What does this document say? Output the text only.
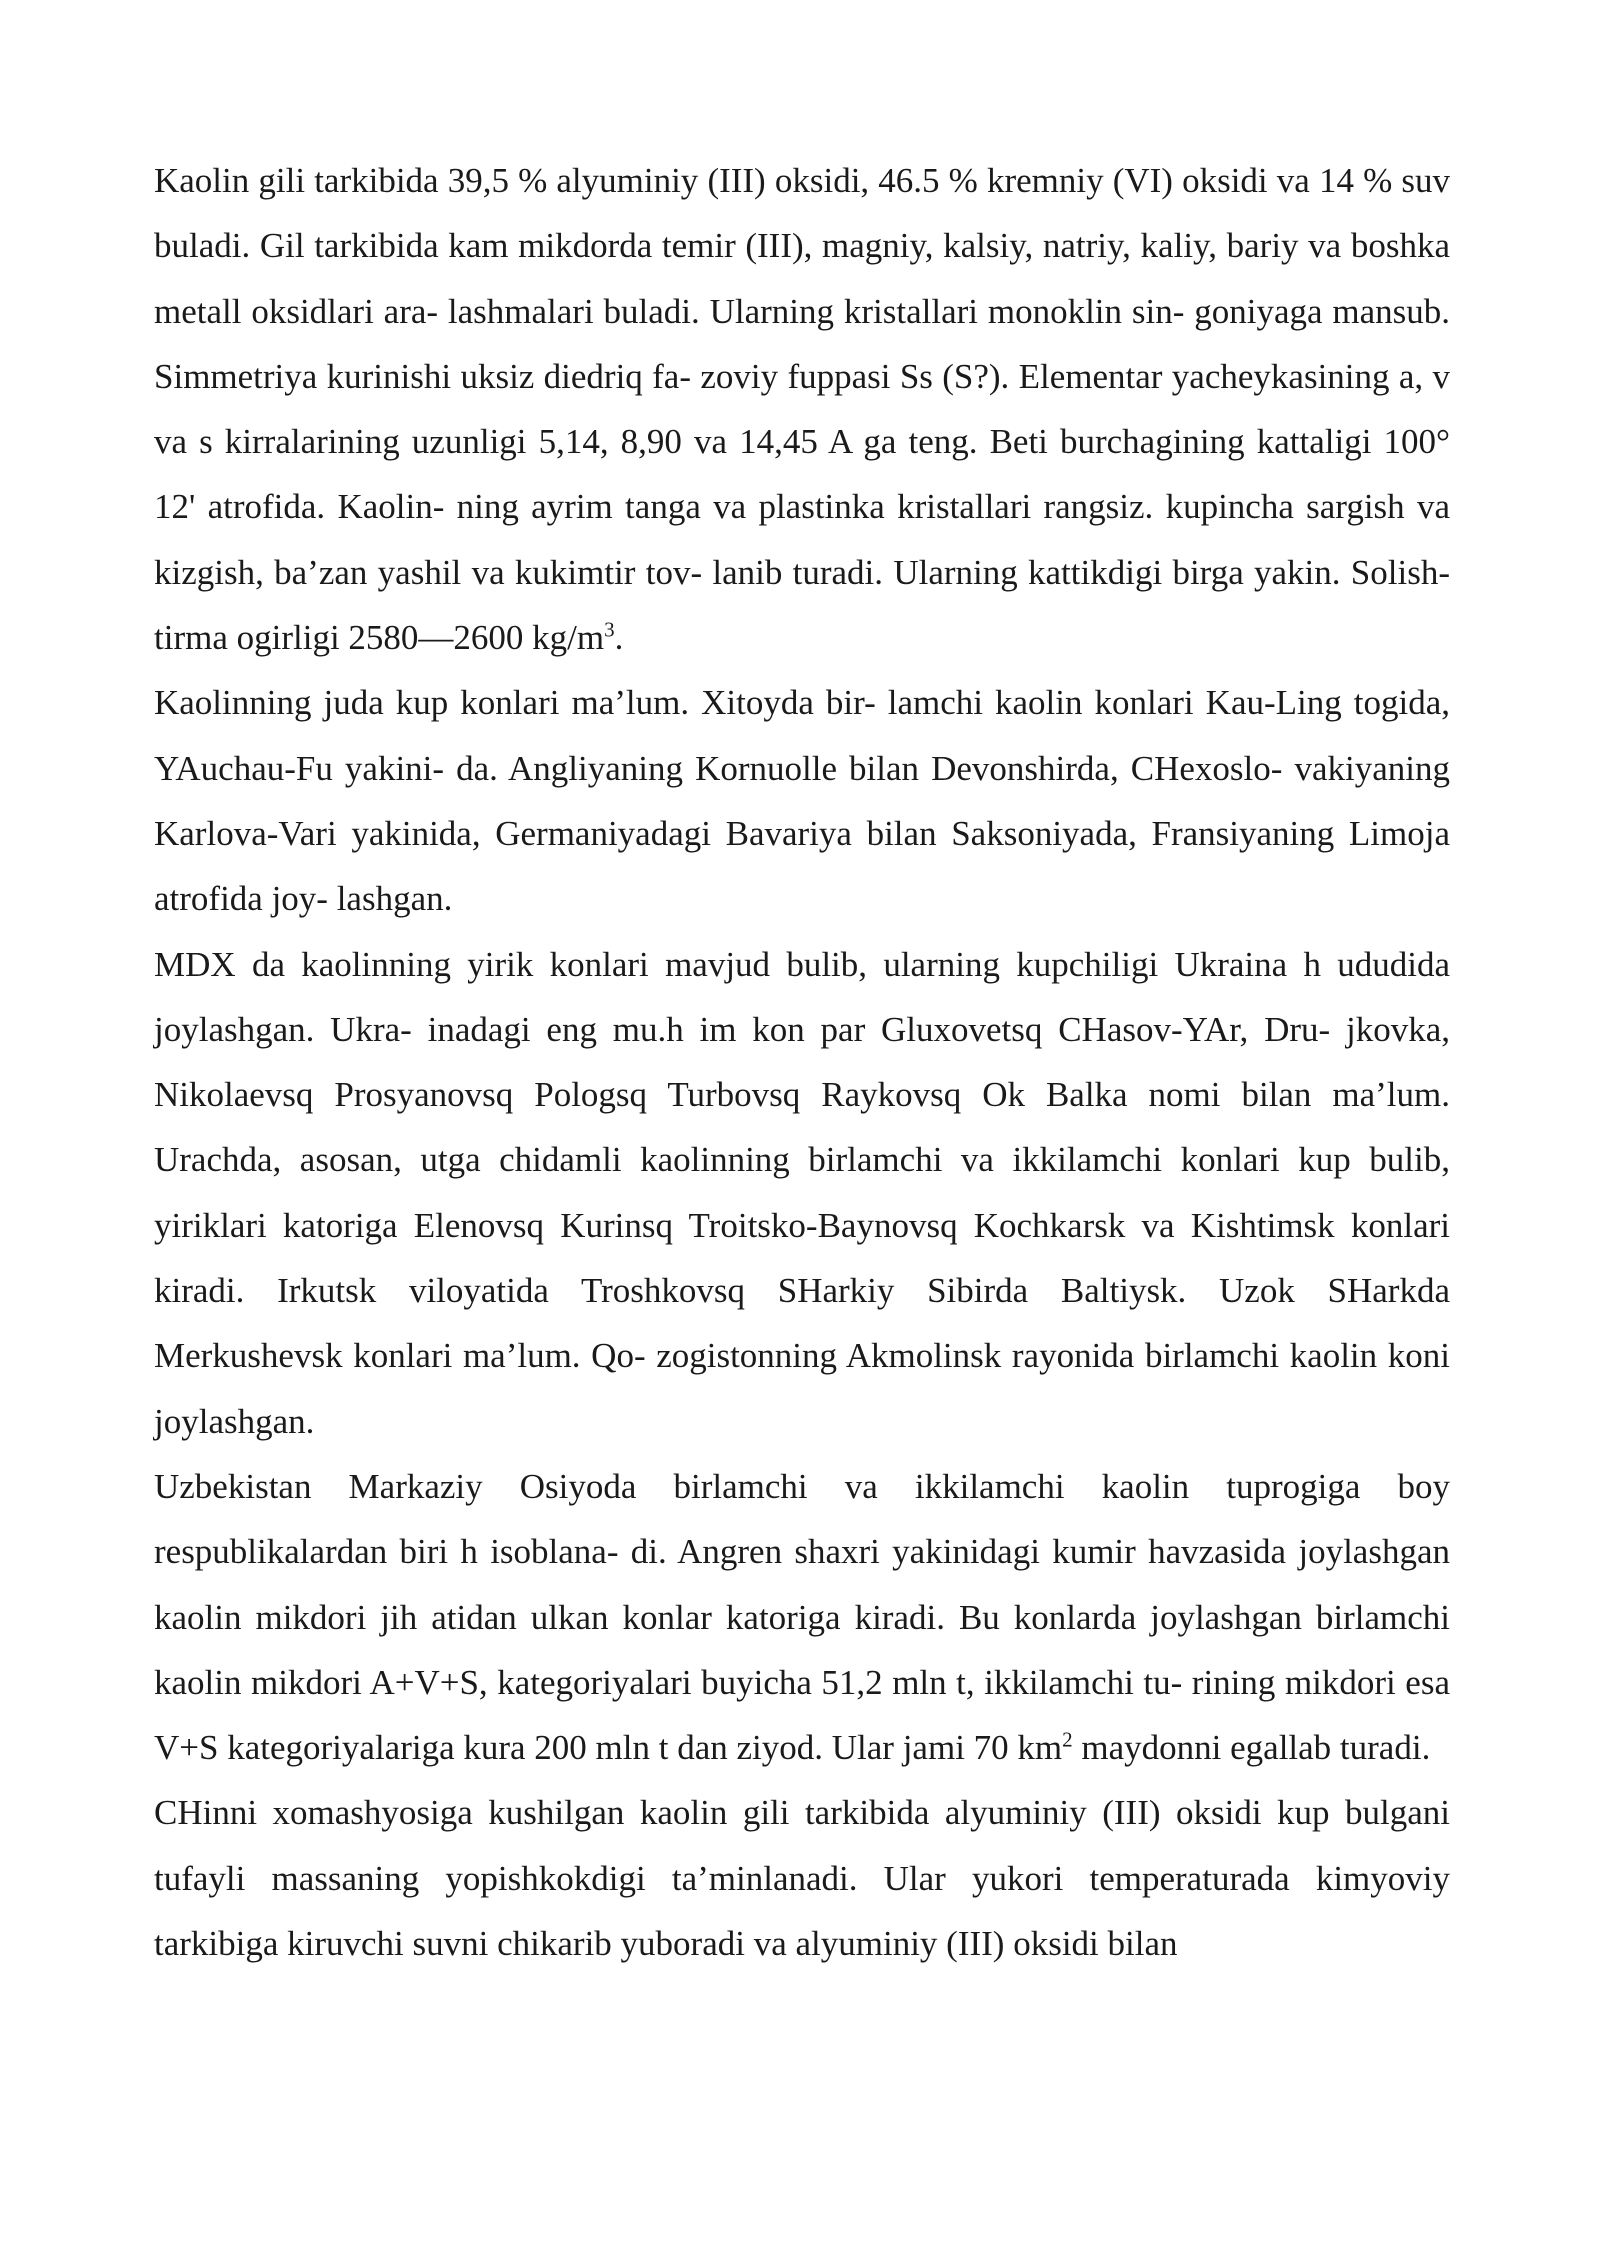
Kaolin gili tarkibida 39,5 % alyuminiy (III) oksidi, 46.5 % kremniy (VI) oksidi va 14 % suv buladi. Gil tarkibida kam mikdorda temir (III), magniy, kalsiy, natriy, kaliy, bariy va boshka metall oksidlari ara- lashmalari buladi. Ularning kristallari monoklin sin- goniyaga mansub. Simmetriya kurinishi uksiz diedriq fa- zoviy fuppasi Ss (S?). Elementar yacheykasining a, v va s kirralarining uzunligi 5,14, 8,90 va 14,45 A ga teng. Beti burchagining kattaligi 100° 12' atrofida. Kaolin- ning ayrim tanga va plastinka kristallari rangsiz. kupincha sargish va kizgish, ba’zan yashil va kukimtir tov- lanib turadi. Ularning kattikdigi birga yakin. Solish- tirma ogirligi 2580—2600 $kg/m^3$.

Kaolinning juda kup konlari ma’lum. Xitoyda bir- lamchi kaolin konlari Kau-Ling togida, YAuchau-Fu yakini- da. Angliyaning Kornuolle bilan Devonshirda, CHexoslo- vakiyaning Karlova-Vari yakinida, Germaniyadagi Bavariya bilan Saksoniyada, Fransiyaning Limoja atrofida joy- lashgan.

MDX da kaolinning yirik konlari mavjud bulib, ularning kupchiligi Ukraina h ududida joylashgan. Ukra- inadagi eng mu.h im kon par Gluxovetsq CHasov-YAr, Dru- jkovka, Nikolaevsq Prosyanovsq Pologsq Turbovsq Raykovsq Ok Balka nomi bilan ma’lum. Urachda, asosan, utga chidamli kaolinning birlamchi va ikkilamchi konlari kup bulib, yiriklari katoriga Elenovsq Kurinsq Troitsko-Baynovsq Kochkarsk va Kishtimsk konlari kiradi. Irkutsk viloyatida Troshkovsq SHarkiy Sibirda Baltiysk. Uzok SHarkda Merkushevsk konlari ma’lum. Qo- zogistonning Akmolinsk rayonida birlamchi kaolin koni joylashgan.

Uzbekistan Markaziy Osiyoda birlamchi va ikkilamchi kaolin tuprogiga boy respublikalardan biri h isoblana- di. Angren shaxri yakinidagi kumir havzasida joylashgan kaolin mikdori jih atidan ulkan konlar katoriga kiradi. Bu konlarda joylashgan birlamchi kaolin mikdori A+V+S, kategoriyalari buyicha 51,2 mln t, ikkilamchi tu- rining mikdori esa V+S kategoriyalariga kura 200 mln t dan ziyod. Ular jami 70 $km^2$ maydonni egallab turadi.

CHinni xomashyosiga kushilgan kaolin gili tarkibida alyuminiy (III) oksidi kup bulgani tufayli massaning yopishkokdigi ta’minlanadi. Ular yukori temperaturada kimyoviy tarkibiga kiruvchi suvni chikarib yuboradi va alyuminiy (III) oksidi bilan
